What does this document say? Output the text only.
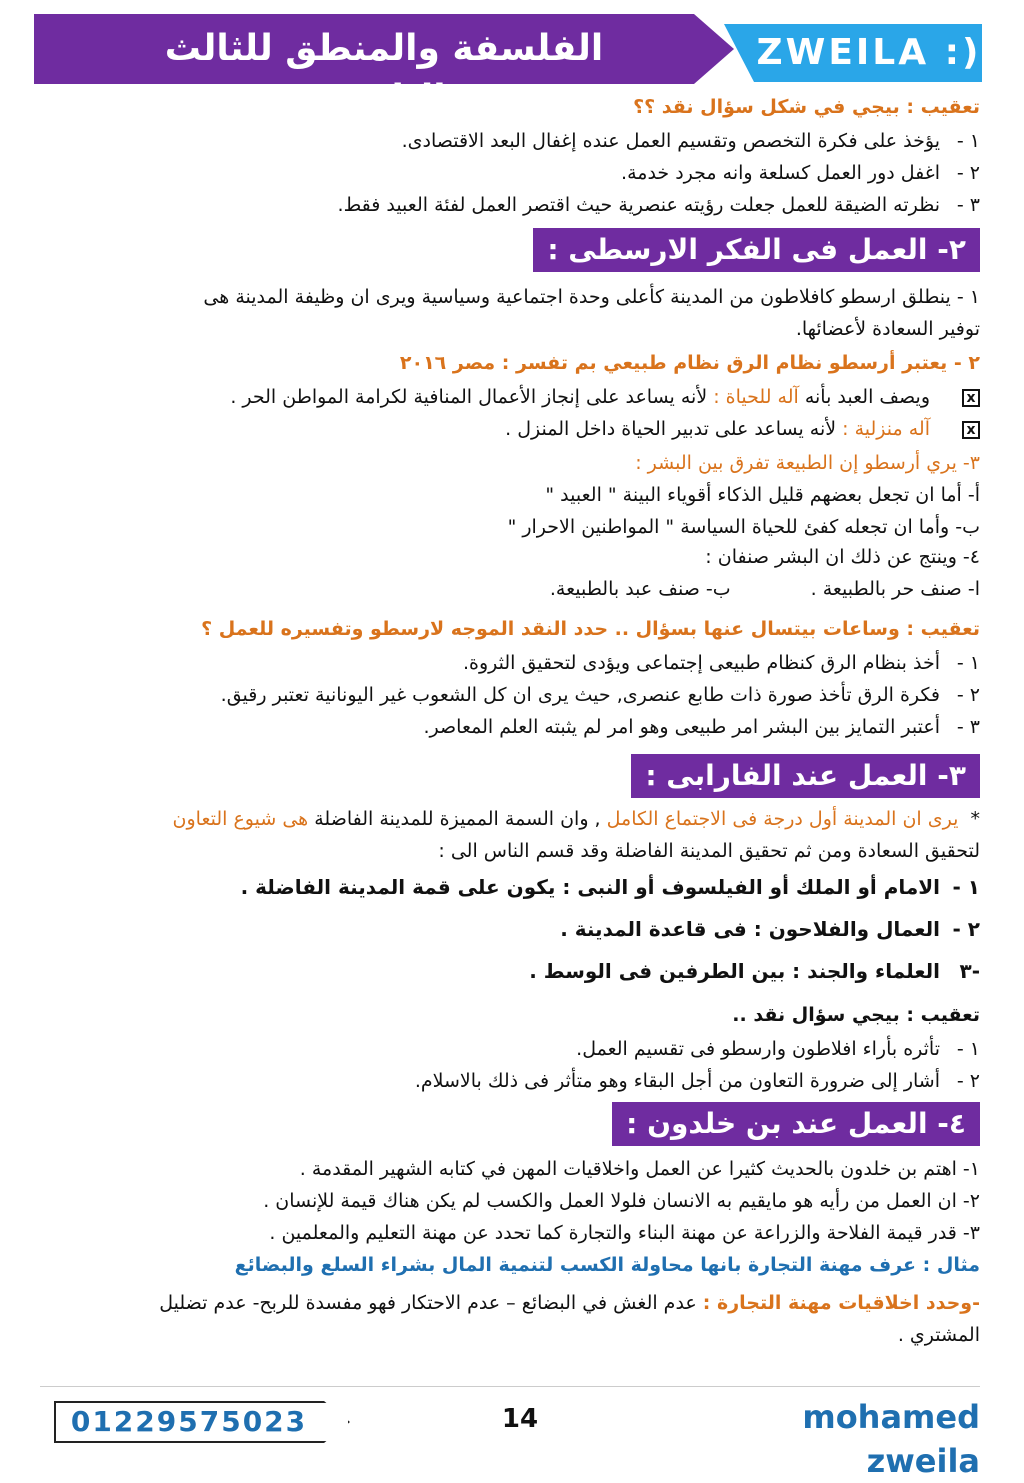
الفلسفة والمنطق للثالث الثانوى
ZWEILA :)
تعقيب : بيجي في شكل سؤال نقد ؟؟
١ -يؤخذ على فكرة التخصص وتقسيم العمل عنده إغفال البعد الاقتصادى.
٢ -اغفل دور العمل كسلعة وانه مجرد خدمة.
٣ -نظرته الضيقة للعمل جعلت رؤيته عنصرية حيث اقتصر العمل لفئة العبيد فقط.
٢- العمل فى الفكر الارسطى :
١ - ينطلق ارسطو كافلاطون من المدينة كأعلى وحدة اجتماعية وسياسية ويرى ان وظيفة المدينة هى
توفير السعادة لأعضائها.
٢ - يعتبر أرسطو نظام الرق نظام طبيعي بم تفسر : مصر ٢٠١٦
xويصف العبد بأنه آله للحياة : لأنه يساعد على إنجاز الأعمال المنافية لكرامة المواطن الحر .
xآله منزلية : لأنه يساعد على تدبير الحياة داخل المنزل .
٣- يري أرسطو إن الطبيعة تفرق بين البشر :
أ- أما ان تجعل بعضهم قليل الذكاء أقوياء البينة " العبيد "
ب- وأما ان تجعله كفئ للحياة السياسة " المواطنين الاحرار "
٤- وينتج عن ذلك ان البشر صنفان :
ا- صنف حر بالطبيعة .ب- صنف عبد بالطبيعة.
تعقيب : وساعات بيتسال عنها بسؤال .. حدد النقد الموجه لارسطو وتفسيره للعمل ؟
١ -أخذ بنظام الرق كنظام طبيعى إجتماعى ويؤدى لتحقيق الثروة.
٢ -فكرة الرق تأخذ صورة ذات طابع عنصرى, حيث يرى ان كل الشعوب غير اليونانية تعتبر رقيق.
٣ -أعتبر التمايز بين البشر امر طبيعى وهو امر لم يثبته العلم المعاصر.
٣- العمل عند الفارابى :
*  يرى ان المدينة أول درجة فى الاجتماع الكامل , وان السمة المميزة للمدينة الفاضلة هى شيوع التعاون
لتحقيق السعادة ومن ثم تحقيق المدينة الفاضلة وقد قسم الناس الى :
١ -الامام أو الملك أو الفيلسوف أو النبى : يكون على قمة المدينة الفاضلة .
٢ -العمال والفلاحون : فى قاعدة المدينة .
-٣العلماء والجند : بين الطرفين فى الوسط .
تعقيب : بيجي سؤال نقد ..
١ -تأثره بأراء افلاطون وارسطو فى تقسيم العمل.
٢ -أشار إلى ضرورة التعاون من أجل البقاء وهو متأثر فى ذلك بالاسلام.
٤- العمل عند بن خلدون :
١- اهتم بن خلدون بالحديث كثيرا عن العمل واخلاقيات المهن في كتابه الشهير المقدمة .
٢- ان العمل من رأيه هو مايقيم به الانسان فلولا العمل والكسب لم يكن هناك قيمة للإنسان .
٣- قدر قيمة الفلاحة والزراعة عن مهنة البناء والتجارة كما تحدد عن مهنة التعليم والمعلمين .
مثال : عرف مهنة التجارة بانها محاولة الكسب لتنمية المال بشراء السلع والبضائع
-وحدد اخلاقيات مهنة التجارة : عدم الغش في البضائع – عدم الاحتكار فهو مفسدة للربح- عدم تضليل
المشتري .
01229575023	14	mohamed zweila
